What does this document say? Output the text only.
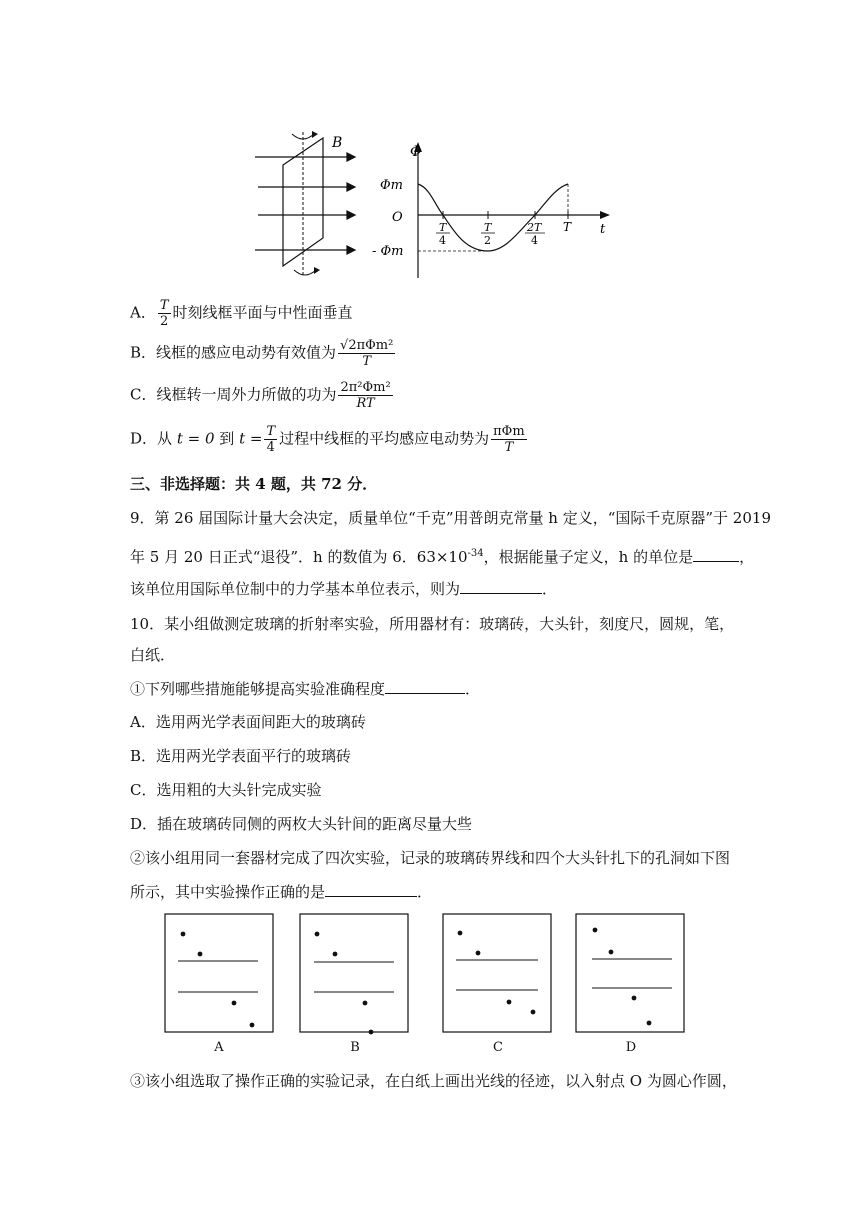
B
Φ
Φm
O
- Φm
t
T
4
T
2
2T
4
T
A． $\frac{T}{2}$ 时刻线框平面与中性面垂直
B．线框的感应电动势有效值为 $\frac{\text{√2πΦm²}}{T}$
C．线框转一周外力所做的功为 $\frac{\text{2π²Φm²}}{RT}$
D．从 t = 0 到 $t = \frac{T}{4}$ 过程中线框的平均感应电动势为 $\frac{\text{πΦm}}{T}$
三、非选择题：共 4 题，共 72 分．
9．第 26 届国际计量大会决定，质量单位“千克”用普朗克常量 h 定义，“国际千克原器”于 2019
年 5 月 20 日正式“退役”．h 的数值为 6．$63\times 10^{-34}$，根据能量子定义，h 的单位是	，
该单位用国际单位制中的力学基本单位表示，则为	．
10．某小组做测定玻璃的折射率实验，所用器材有：玻璃砖，大头针，刻度尺，圆规，笔，
白纸．
①下列哪些措施能够提高实验准确程度	．
A．选用两光学表面间距大的玻璃砖
B．选用两光学表面平行的玻璃砖
C．选用粗的大头针完成实验
D．插在玻璃砖同侧的两枚大头针间的距离尽量大些
②该小组用同一套器材完成了四次实验，记录的玻璃砖界线和四个大头针扎下的孔洞如下图
所示，其中实验操作正确的是	．
A	B	C	D
③该小组选取了操作正确的实验记录，在白纸上画出光线的径迹，以入射点 O 为圆心作圆，
